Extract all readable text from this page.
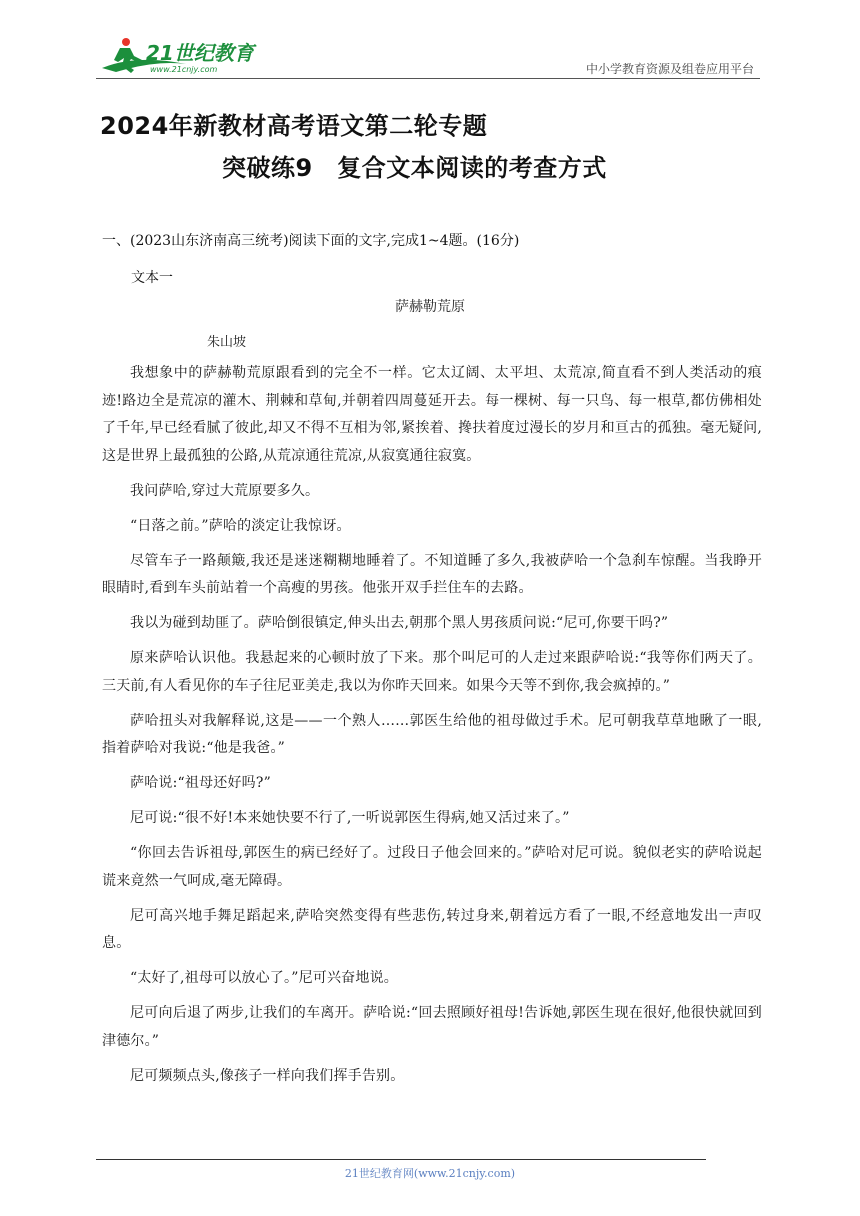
21世纪教育
www.21cnjy.com	中小学教育资源及组卷应用平台
2024年新教材高考语文第二轮专题
突破练9　复合文本阅读的考查方式
一、(2023山东济南高三统考)阅读下面的文字,完成1~4题。(16分)
文本一
萨赫勒荒原
朱山坡

我想象中的萨赫勒荒原跟看到的完全不一样。它太辽阔、太平坦、太荒凉,简直看不到人类活动的痕迹!路边全是荒凉的灌木、荆棘和草甸,并朝着四周蔓延开去。每一棵树、每一只鸟、每一根草,都仿佛相处了千年,早已经看腻了彼此,却又不得不互相为邻,紧挨着、搀扶着度过漫长的岁月和亘古的孤独。毫无疑问,这是世界上最孤独的公路,从荒凉通往荒凉,从寂寞通往寂寞。

我问萨哈,穿过大荒原要多久。

“日落之前。”萨哈的淡定让我惊讶。

尽管车子一路颠簸,我还是迷迷糊糊地睡着了。不知道睡了多久,我被萨哈一个急刹车惊醒。当我睁开眼睛时,看到车头前站着一个高瘦的男孩。他张开双手拦住车的去路。

我以为碰到劫匪了。萨哈倒很镇定,伸头出去,朝那个黑人男孩质问说:“尼可,你要干吗?”

原来萨哈认识他。我悬起来的心顿时放了下来。那个叫尼可的人走过来跟萨哈说:“我等你们两天了。三天前,有人看见你的车子往尼亚美走,我以为你昨天回来。如果今天等不到你,我会疯掉的。”

萨哈扭头对我解释说,这是——一个熟人……郭医生给他的祖母做过手术。尼可朝我草草地瞅了一眼,指着萨哈对我说:“他是我爸。”

萨哈说:“祖母还好吗?”

尼可说:“很不好!本来她快要不行了,一听说郭医生得病,她又活过来了。”

“你回去告诉祖母,郭医生的病已经好了。过段日子他会回来的。”萨哈对尼可说。貌似老实的萨哈说起谎来竟然一气呵成,毫无障碍。

尼可高兴地手舞足蹈起来,萨哈突然变得有些悲伤,转过身来,朝着远方看了一眼,不经意地发出一声叹息。

“太好了,祖母可以放心了。”尼可兴奋地说。

尼可向后退了两步,让我们的车离开。萨哈说:“回去照顾好祖母!告诉她,郭医生现在很好,他很快就回到津德尔。”

尼可频频点头,像孩子一样向我们挥手告别。

21世纪教育网(www.21cnjy.com)
